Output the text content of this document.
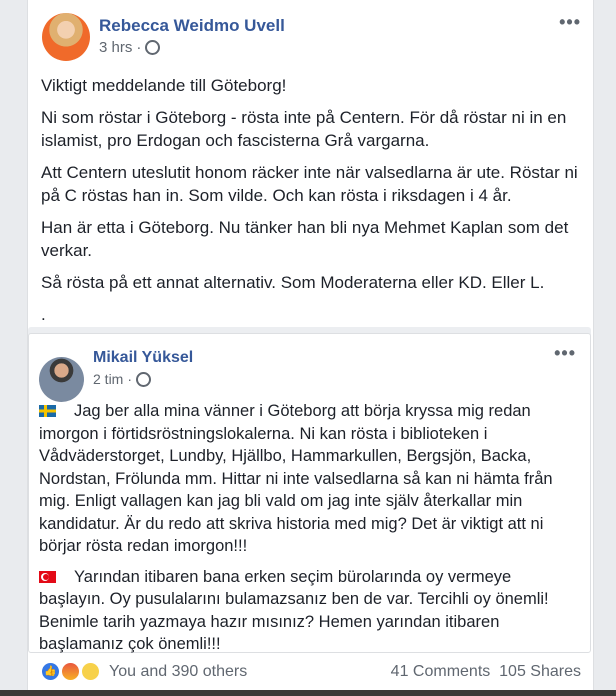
Rebecca Weidmo Uvell
3 hrs ·
•••

Viktigt meddelande till Göteborg!

Ni som röstar i Göteborg - rösta inte på Centern. För då röstar ni in en islamist, pro Erdogan och fascisterna Grå vargarna.

Att Centern uteslutit honom räcker inte när valsedlarna är ute. Röstar ni på C röstas han in. Som vilde. Och kan rösta i riksdagen i 4 år.

Han är etta i Göteborg. Nu tänker han bli nya Mehmet Kaplan som det verkar.

Så rösta på ett annat alternativ. Som Moderaterna eller KD. Eller L.

.

Mikail Yüksel
2 tim ·
•••

Jag ber alla mina vänner i Göteborg att börja kryssa mig redan imorgon i förtidsröstningslokalerna. Ni kan rösta i biblioteken i Vådväderstorget, Lundby, Hjällbo, Hammarkullen, Bergsjön, Backa, Nordstan, Frölunda mm. Hittar ni inte valsedlarna så kan ni hämta från mig. Enligt vallagen kan jag bli vald om jag inte själv återkallar min kandidatur. Är du redo att skriva historia med mig? Det är viktigt att ni börjar rösta redan imorgon!!!

Yarından itibaren bana erken seçim bürolarında oy vermeye başlayın. Oy pusulalarını bulamazsanız ben de var. Tercihli oy önemli! Benimle tarih yazmaya hazır mısınız? Hemen yarından itibaren başlamanız çok önemli!!!

👍	You and 390 others	41 Comments 105 Shares
